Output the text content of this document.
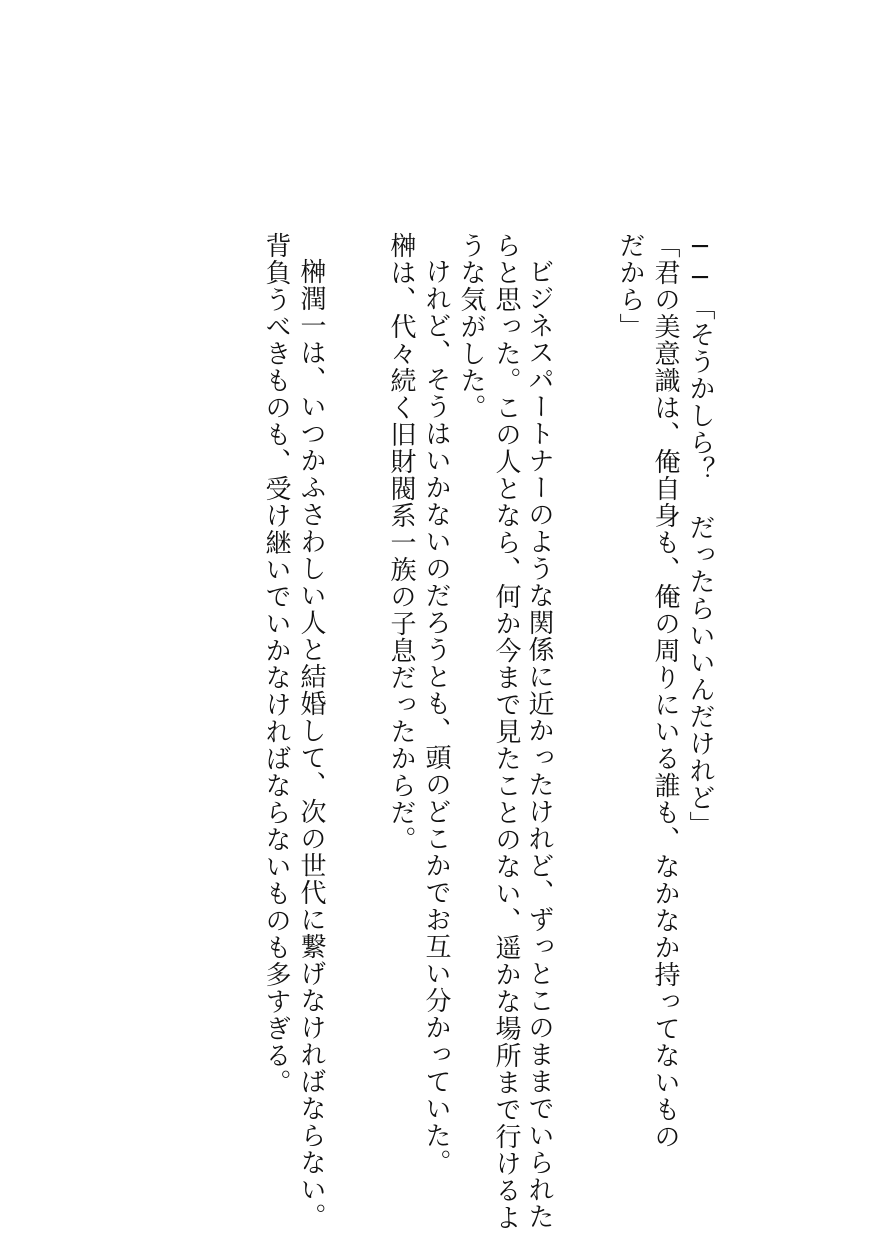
だから」 「君の美意識は、俺自身も、俺の周りにいる誰も、なかなか持ってないもの ──「そうかしら？ だったらいいんだけれど」
ビジネスパートナーのような関係に近かったけれど、ずっとこのままでいられた
らと思った。この人となら、何か今まで見たことのない、遥かな場所まで行けるよ
うな気がした。
けれど、そうはいかないのだろうとも、頭のどこかでお互い分かっていた。
榊は、代々続く旧財閥系一族の子息だったからだ。
榊潤一は、いつかふさわしい人と結婚して、次の世代に繋げなければならない。
背負うべきものも、受け継いでいかなければならないものも多すぎる。
